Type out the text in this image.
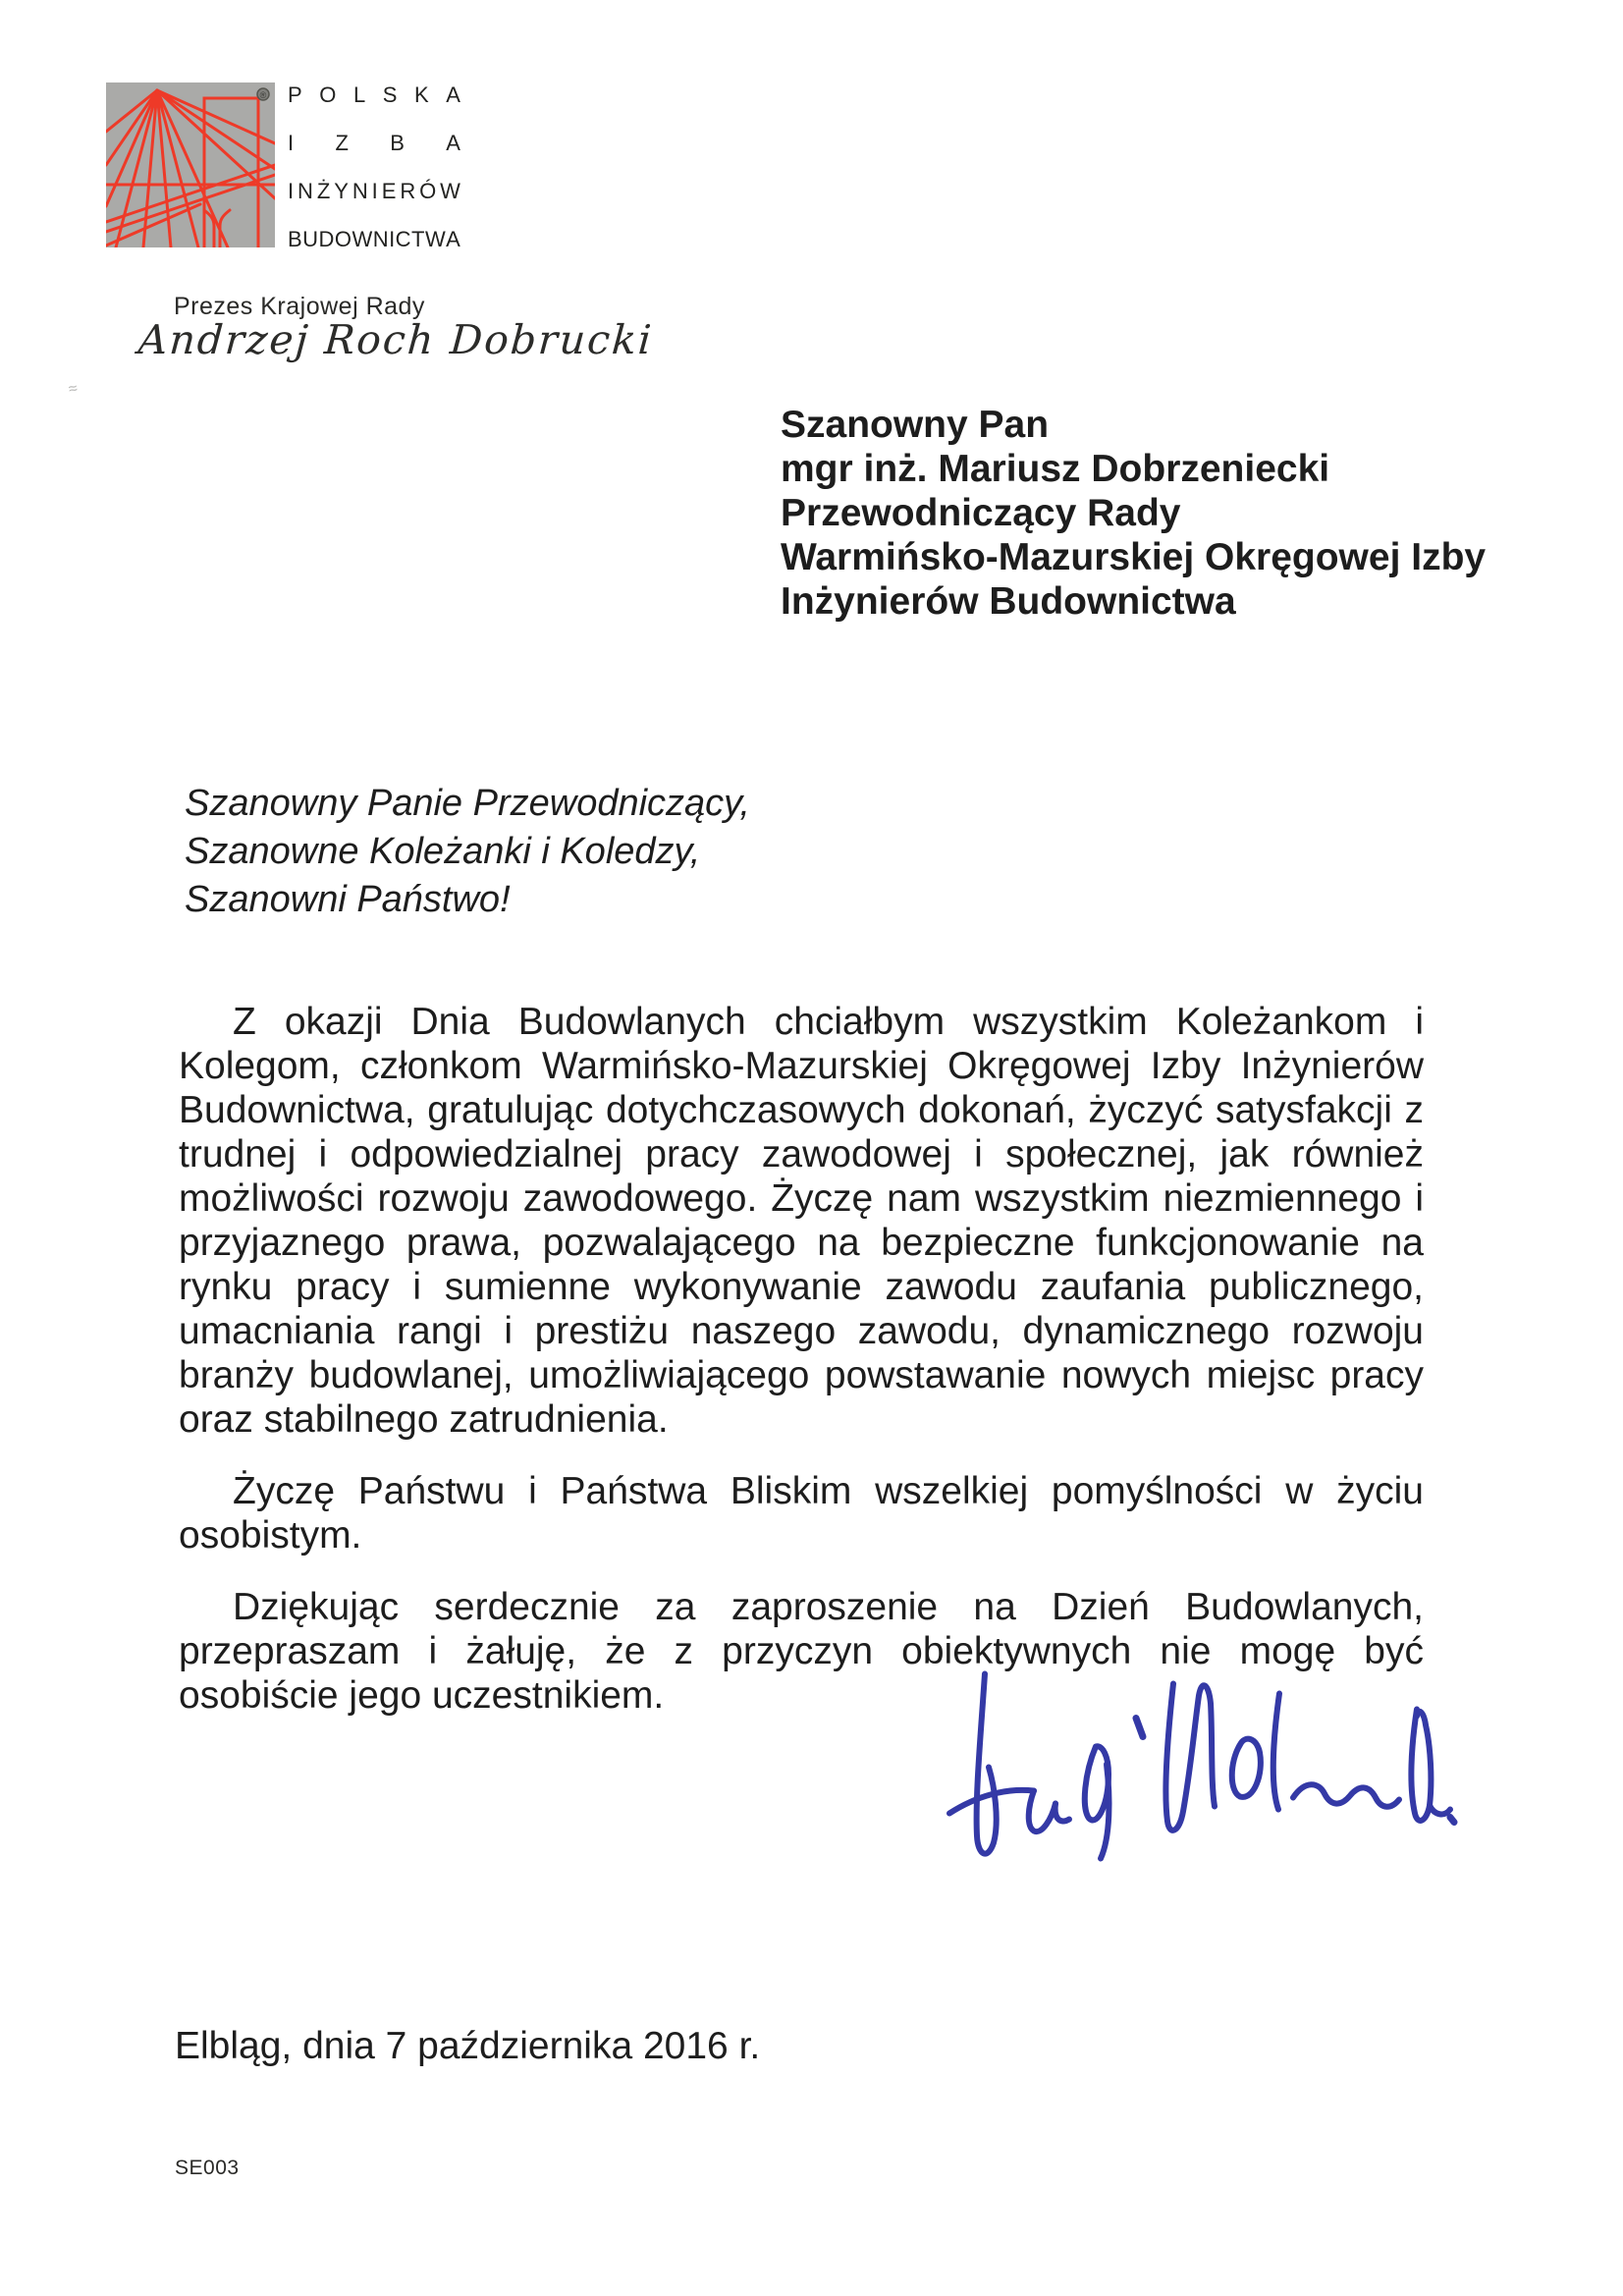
® P O L S K A
I Z B A
I N Ż Y N I E R Ó W
B U D O W N I C T W A
Prezes Krajowej Rady
Andrzej Roch Dobrucki
≈
Szanowny Pan
mgr inż. Mariusz Dobrzeniecki
Przewodniczący Rady
Warmińsko-Mazurskiej Okręgowej Izby
Inżynierów Budownictwa
Szanowny Panie Przewodniczący,
Szanowne Koleżanki i Koledzy,
Szanowni Państwo!

Z okazji Dnia Budowlanych chciałbym wszystkim Koleżankom i Kolegom, członkom Warmińsko-Mazurskiej Okręgowej Izby Inżynierów Budownictwa, gratulując dotychczasowych dokonań, życzyć satysfakcji z trudnej i odpowiedzialnej pracy zawodowej i społecznej, jak również możliwości rozwoju zawodowego. Życzę nam wszystkim niezmiennego i przyjaznego prawa, pozwalającego na bezpieczne funkcjonowanie na rynku pracy i sumienne wykonywanie zawodu zaufania publicznego, umacniania rangi i prestiżu naszego zawodu, dynamicznego rozwoju branży budowlanej, umożliwiającego powstawanie nowych miejsc pracy oraz stabilnego zatrudnienia.

Życzę Państwu i Państwa Bliskim wszelkiej pomyślności w życiu osobistym.

Dziękując serdecznie za zaproszenie na Dzień Budowlanych, przepraszam i żałuję, że z przyczyn obiektywnych nie mogę być osobiście jego uczestnikiem.

Elbląg, dnia 7 października 2016 r.
SE003
